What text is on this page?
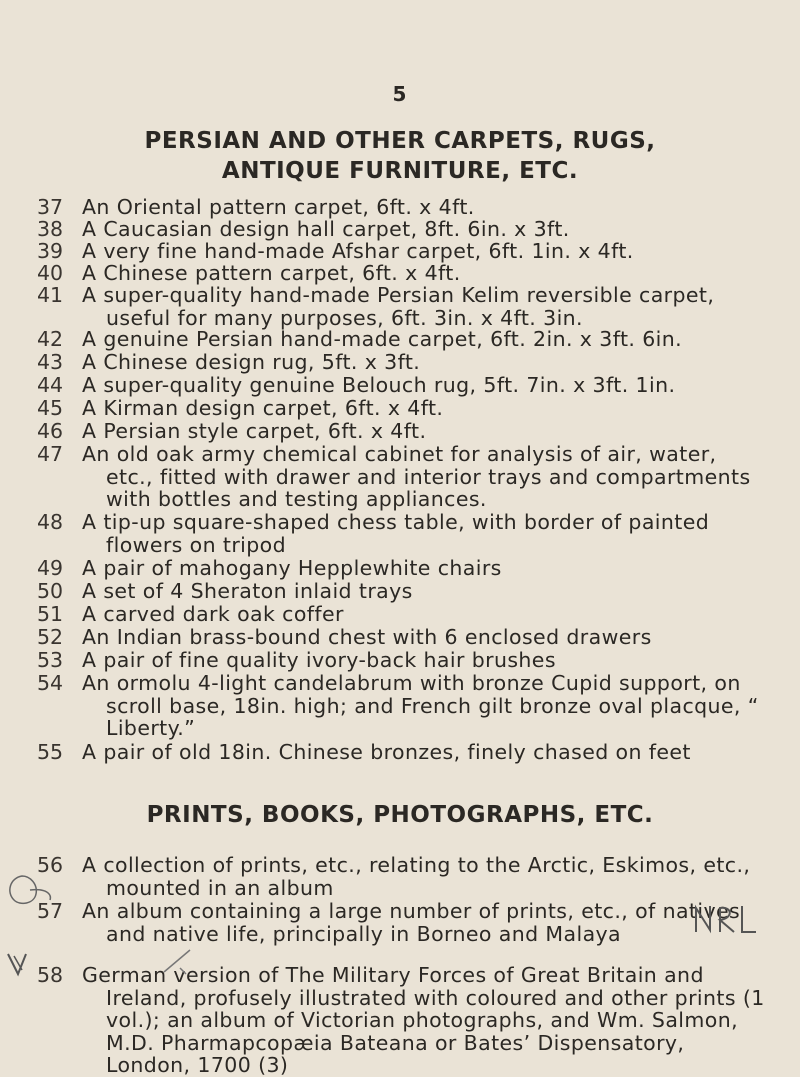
5
PERSIAN AND OTHER CARPETS, RUGS,
ANTIQUE FURNITURE, ETC.
37 An Oriental pattern carpet, 6ft. x 4ft.
38 A Caucasian design hall carpet, 8ft. 6in. x 3ft.
39 A very fine hand-made Afshar carpet, 6ft. 1in. x 4ft.
40 A Chinese pattern carpet, 6ft. x 4ft.
41 A super-quality hand-made Persian Kelim reversible carpet, useful for many purposes, 6ft. 3in. x 4ft. 3in.
42 A genuine Persian hand-made carpet, 6ft. 2in. x 3ft. 6in.
43 A Chinese design rug, 5ft. x 3ft.
44 A super-quality genuine Belouch rug, 5ft. 7in. x 3ft. 1in.
45 A Kirman design carpet, 6ft. x 4ft.
46 A Persian style carpet, 6ft. x 4ft.
47 An old oak army chemical cabinet for analysis of air, water, etc., fitted with drawer and interior trays and compartments with bottles and testing appliances.
48 A tip-up square-shaped chess table, with border of painted flowers on tripod
49 A pair of mahogany Hepplewhite chairs
50 A set of 4 Sheraton inlaid trays
51 A carved dark oak coffer
52 An Indian brass-bound chest with 6 enclosed drawers
53 A pair of fine quality ivory-back hair brushes
54 An ormolu 4-light candelabrum with bronze Cupid support, on scroll base, 18in. high; and French gilt bronze oval placque, “ Liberty.”
55 A pair of old 18in. Chinese bronzes, finely chased on feet
PRINTS, BOOKS, PHOTOGRAPHS, ETC.
56 A collection of prints, etc., relating to the Arctic, Eskimos, etc., mounted in an album
57 An album containing a large number of prints, etc., of natives and native life, principally in Borneo and Malaya
58 German version of The Military Forces of Great Britain and Ireland, profusely illustrated with coloured and other prints (1 vol.); an album of Victorian photographs, and Wm. Salmon, M.D. Pharmapcopæia Bateana or Bates’ Dispensatory, London, 1700 (3)
